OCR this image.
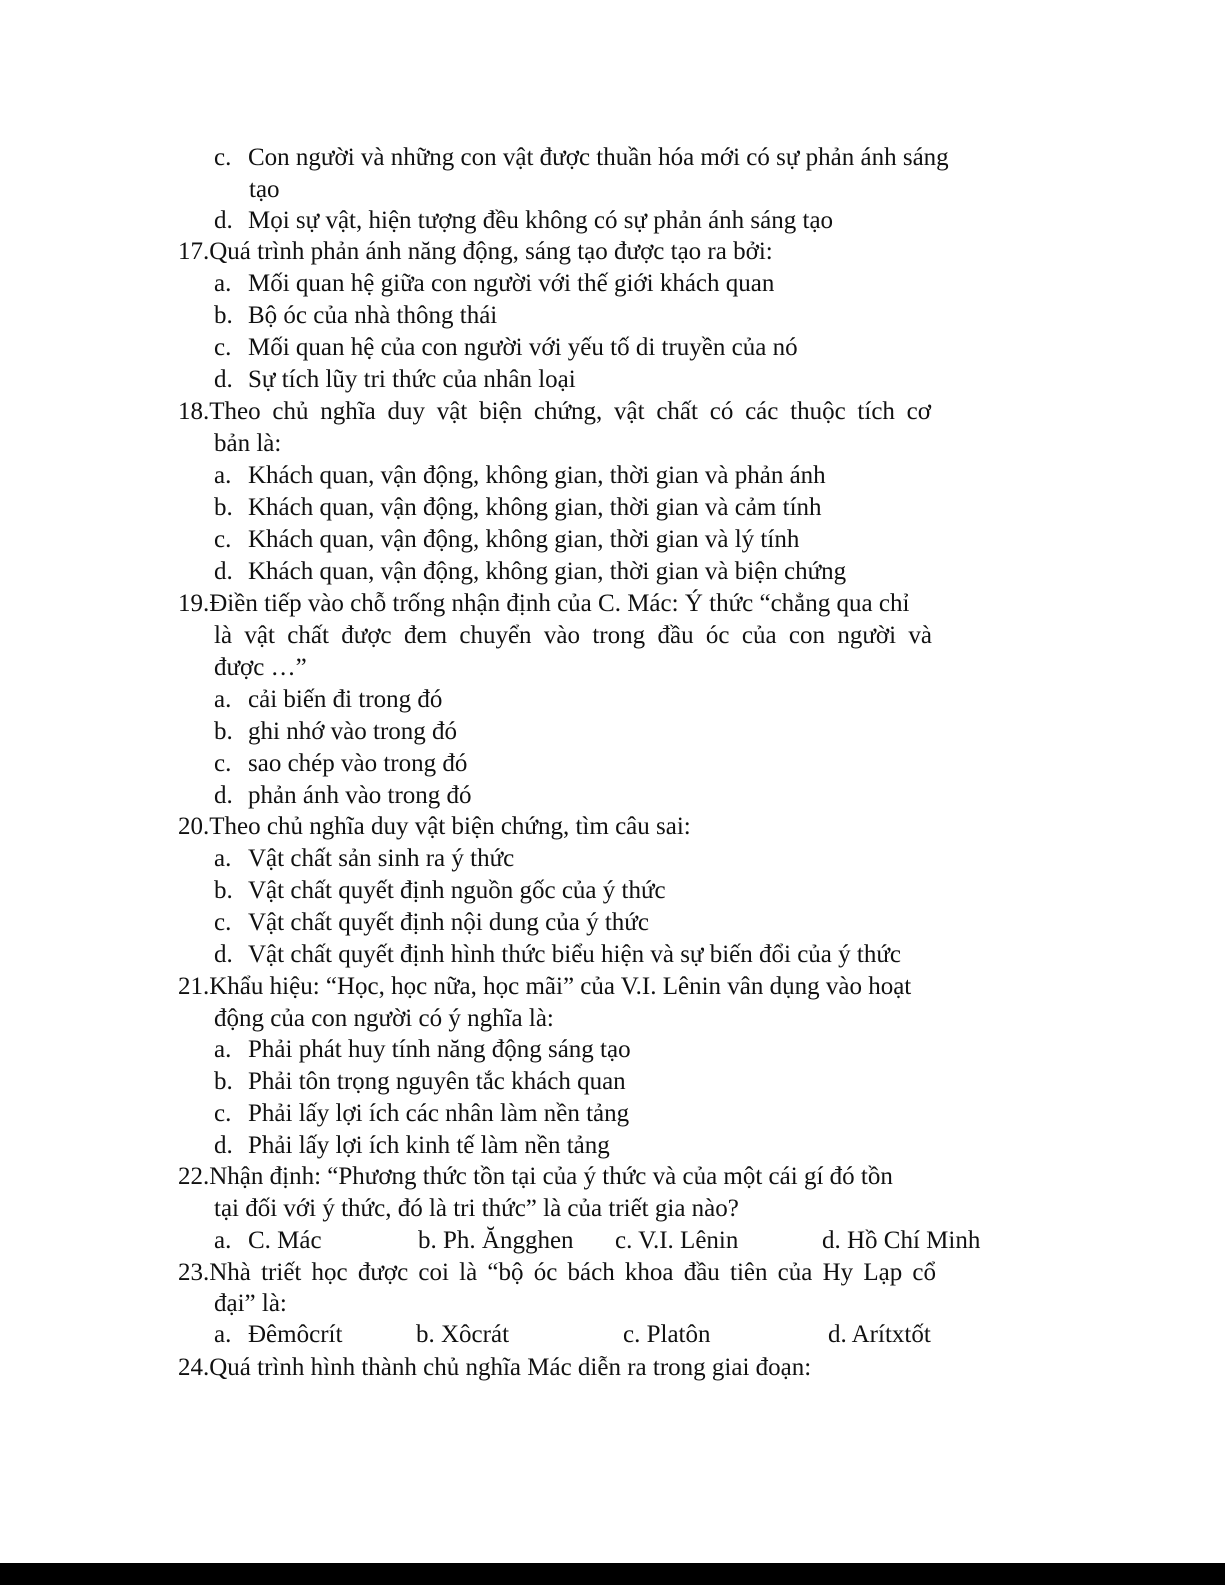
c. Con người và những con vật được thuần hóa mới có sự phản ánh sáng
tạo
d. Mọi sự vật, hiện tượng đều không có sự phản ánh sáng tạo
17.Quá trình phản ánh năng động, sáng tạo được tạo ra bởi:
a. Mối quan hệ giữa con người với thế giới khách quan
b. Bộ óc của nhà thông thái
c. Mối quan hệ của con người với yếu tố di truyền của nó
d. Sự tích lũy tri thức của nhân loại
18.Theo chủ nghĩa duy vật biện chứng, vật chất có các thuộc tích cơ
bản là:
a. Khách quan, vận động, không gian, thời gian và phản ánh
b. Khách quan, vận động, không gian, thời gian và cảm tính
c. Khách quan, vận động, không gian, thời gian và lý tính
d. Khách quan, vận động, không gian, thời gian và biện chứng
19.Điền tiếp vào chỗ trống nhận định của C. Mác: Ý thức “chẳng qua chỉ
là vật chất được đem chuyển vào trong đầu óc của con người và
được …”
a. cải biến đi trong đó
b. ghi nhớ vào trong đó
c. sao chép vào trong đó
d. phản ánh vào trong đó
20.Theo chủ nghĩa duy vật biện chứng, tìm câu sai:
a. Vật chất sản sinh ra ý thức
b. Vật chất quyết định nguồn gốc của ý thức
c. Vật chất quyết định nội dung của ý thức
d. Vật chất quyết định hình thức biểu hiện và sự biến đổi của ý thức
21.Khẩu hiệu: “Học, học nữa, học mãi” của V.I. Lênin vân dụng vào hoạt
động của con người có ý nghĩa là:
a. Phải phát huy tính năng động sáng tạo
b. Phải tôn trọng nguyên tắc khách quan
c. Phải lấy lợi ích các nhân làm nền tảng
d. Phải lấy lợi ích kinh tế làm nền tảng
22.Nhận định: “Phương thức tồn tại của ý thức và của một cái gí đó tồn
tại đối với ý thức, đó là tri thức” là của triết gia nào?
a. C. Mác	b. Ph. Ăngghen c. V.I. Lênin	d. Hồ Chí Minh
23.Nhà triết học được coi là “bộ óc bách khoa đầu tiên của Hy Lạp cổ
đại” là:
a. Đêmôcrít	b. Xôcrát	c. Platôn	d. Arítxtốt
24.Quá trình hình thành chủ nghĩa Mác diễn ra trong giai đoạn:
